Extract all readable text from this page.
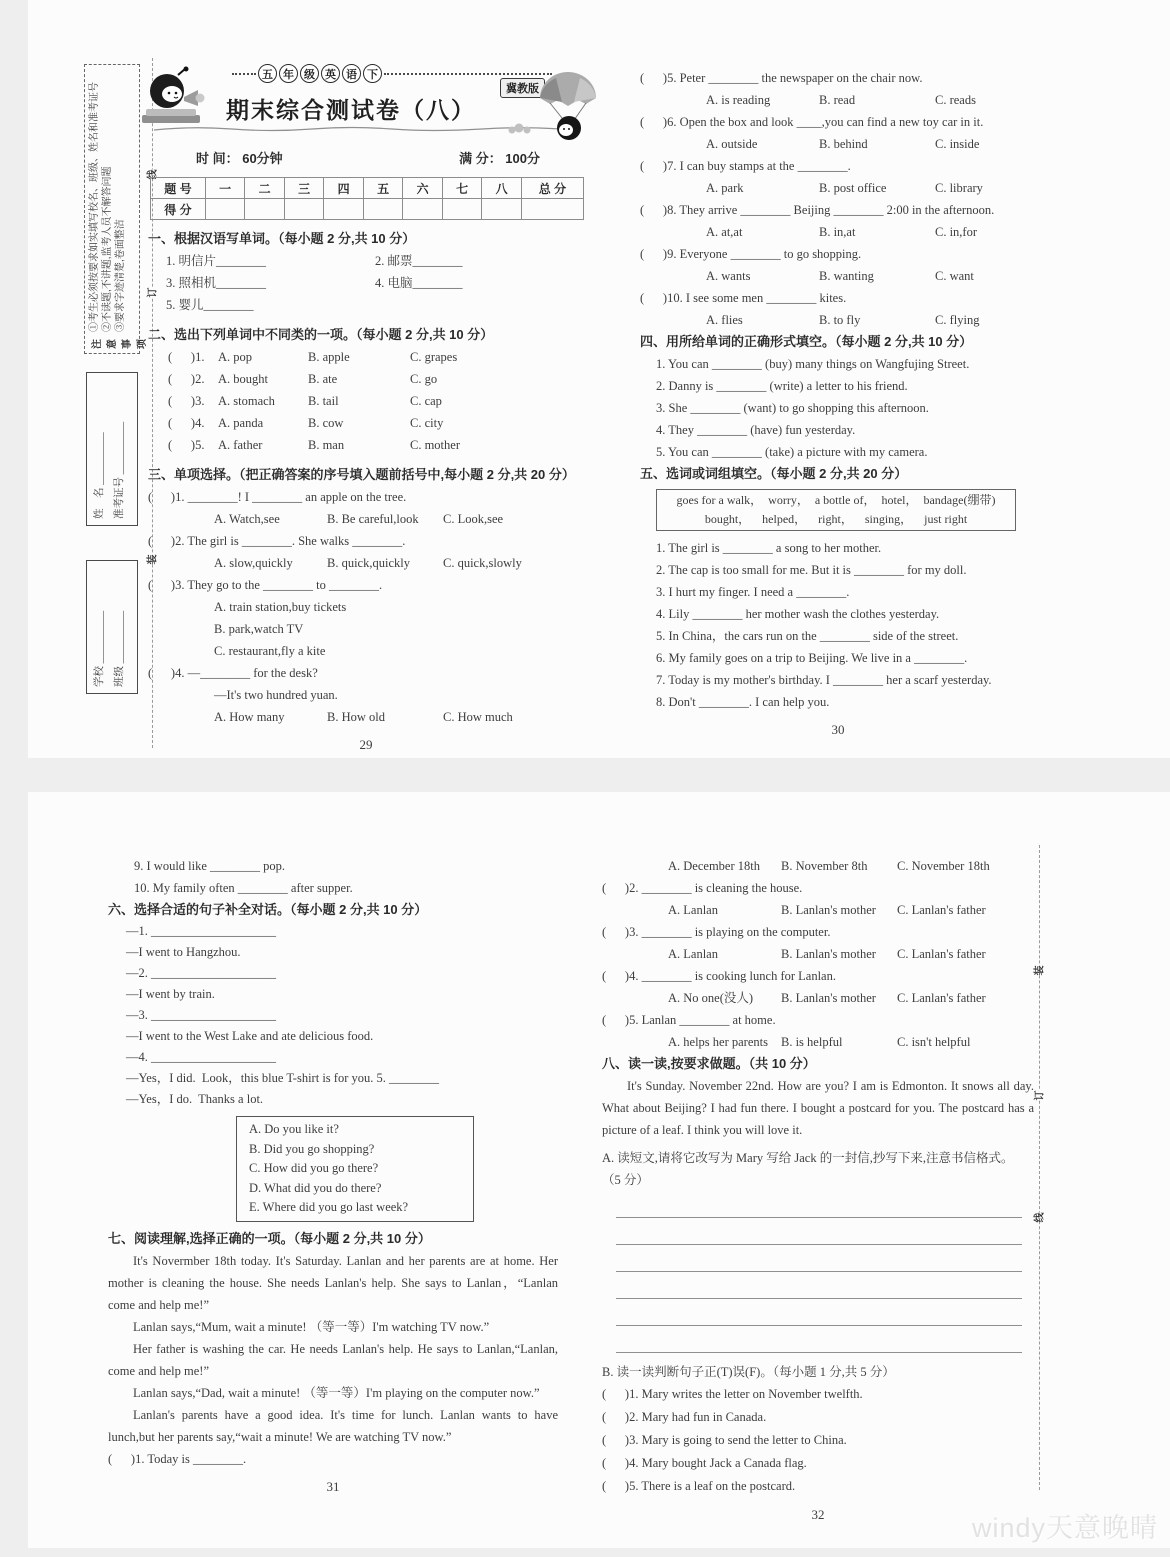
注意事项
①考生必须按要求如实填写校名、班级、姓名和准考证号 ②不读题,不讲题,监考人员不解答问题 ③要求字迹清楚,卷面整洁
姓    名 __________ 准考证号 __________
学校 __________ 班级 __________
线
订
装
装
订
线
五 年 级 英 语 下
冀教版
期末综合测试卷（八）
时 间： 60分钟	满 分： 100分
题 号	一	二	三	四	五	六	七	八	总 分
得 分									
一、根据汉语写单词。（每小题 2 分,共 10 分）
1. 明信片________	2. 邮票________
3. 照相机________	4. 电脑________
5. 婴儿________
二、选出下列单词中不同类的一项。（每小题 2 分,共 10 分）
(      )1.	A. pop	B. apple	C. grapes
(      )2.	A. bought	B. ate	C. go
(      )3.	A. stomach	B. tail	C. cap
(      )4.	A. panda	B. cow	C. city
(      )5.	A. father	B. man	C. mother
三、单项选择。（把正确答案的序号填入题前括号中,每小题 2 分,共 20 分）
(      )1. ________! I ________ an apple on the tree.
A. Watch,see	B. Be careful,look	C. Look,see
(      )2. The girl is ________. She walks ________.
A. slow,quickly	B. quick,quickly	C. quick,slowly
(      )3. They go to the ________ to ________.
A. train station,buy tickets
B. park,watch TV
C. restaurant,fly a kite
(      )4. —________ for the desk?
—It's two hundred yuan.
A. How many	B. How old	C. How much
29
(      )5. Peter ________ the newspaper on the chair now.
A. is reading	B. read	C. reads
(      )6. Open the box and look ____,you can find a new toy car in it.
A. outside	B. behind	C. inside
(      )7. I can buy stamps at the ________.
A. park	B. post office	C. library
(      )8. They arrive ________ Beijing ________ 2:00 in the afternoon.
A. at,at	B. in,at	C. in,for
(      )9. Everyone ________ to go shopping.
A. wants	B. wanting	C. want
(      )10. I see some men ________ kites.
A. flies	B. to fly	C. flying
四、用所给单词的正确形式填空。（每小题 2 分,共 10 分）
1. You can ________ (buy) many things on Wangfujing Street.
2. Danny is ________ (write) a letter to his friend.
3. She ________ (want) to go shopping this afternoon.
4. They ________ (have) fun yesterday.
5. You can ________ (take) a picture with my camera.
五、选词或词组填空。（每小题 2 分,共 20 分）
goes for a walk，  worry，  a bottle of，  hotel，  bandage(绷带)
bought，    helped，    right，    singing，    just right
1. The girl is ________ a song to her mother.
2. The cap is too small for me. But it is ________ for my doll.
3. I hurt my finger. I need a ________.
4. Lily ________ her mother wash the clothes yesterday.
5. In China，the cars run on the ________ side of the street.
6. My family goes on a trip to Beijing. We live in a ________.
7. Today is my mother's birthday. I ________ her a scarf yesterday.
8. Don't ________. I can help you.
30
9. I would like ________ pop.
10. My family often ________ after supper.
六、选择合适的句子补全对话。（每小题 2 分,共 10 分）
—1. ____________________
—I went to Hangzhou.
—2. ____________________
—I went by train.
—3. ____________________
—I went to the West Lake and ate delicious food.
—4. ____________________
—Yes，I did.  Look，this blue T-shirt is for you. 5. ________
—Yes，I do.  Thanks a lot.
A. Do you like it?
B. Did you go shopping?
C. How did you go there?
D. What did you do there?
E. Where did you go last week?
七、阅读理解,选择正确的一项。（每小题 2 分,共 10 分）

It's Novermber 18th today. It's Saturday. Lanlan and her parents are at home. Her mother is cleaning the house. She needs Lanlan's help. She says to Lanlan，“Lanlan come and help me!”

Lanlan says,“Mum, wait a minute! （等一等）I'm watching TV now.”

Her father is washing the car. He needs Lanlan's help. He says to Lanlan,“Lanlan, come and help me!”

Lanlan says,“Dad, wait a minute! （等一等）I'm playing on the computer now.”

Lanlan's parents have a good idea. It's time for lunch. Lanlan wants to have lunch,but her parents say,“wait a minute! We are watching TV now.”

(      )1. Today is ________.
31
A. December 18th	B. November 8th	C. November 18th
(      )2. ________ is cleaning the house.
A. Lanlan	B. Lanlan's mother	C. Lanlan's father
(      )3. ________ is playing on the computer.
A. Lanlan	B. Lanlan's mother	C. Lanlan's father
(      )4. ________ is cooking lunch for Lanlan.
A. No one(没人)	B. Lanlan's mother	C. Lanlan's father
(      )5. Lanlan ________ at home.
A. helps her parents	B. is helpful	C. isn't helpful
八、读一读,按要求做题。（共 10 分）

It's Sunday. November 22nd. How are you? I am is Edmonton. It snows all day. What about Beijing? I had fun there. I bought a postcard for you. The postcard has a picture of a leaf. I think you will love it.

A. 读短文,请将它改写为 Mary 写给 Jack 的一封信,抄写下来,注意书信格式。
（5 分）
B. 读一读判断句子正(T)误(F)。（每小题 1 分,共 5 分）
(      )1. Mary writes the letter on November twelfth.
(      )2. Mary had fun in Canada.
(      )3. Mary is going to send the letter to China.
(      )4. Mary bought Jack a Canada flag.
(      )5. There is a leaf on the postcard.
32	windy天意晚晴
